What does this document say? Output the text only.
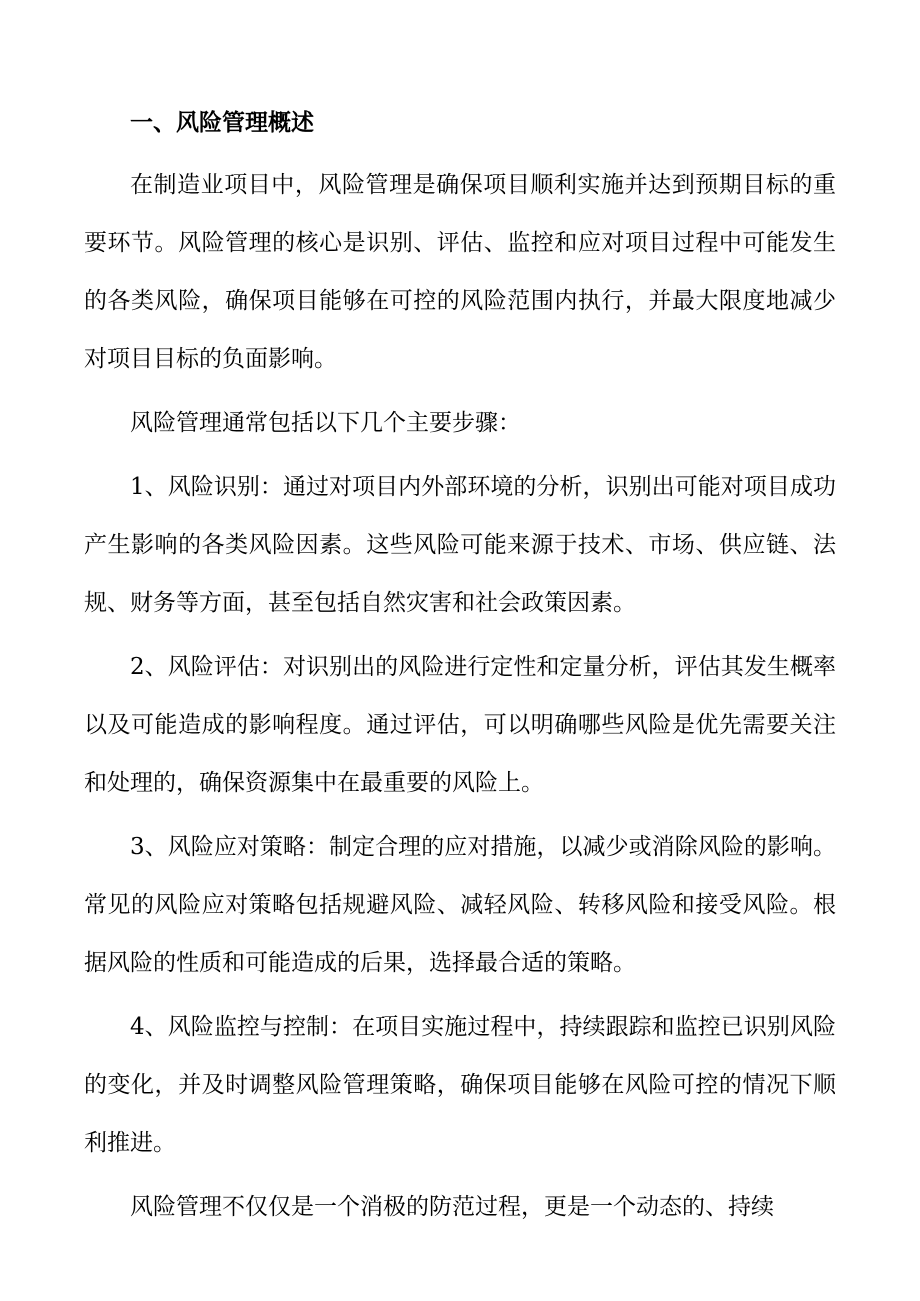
一、风险管理概述

在制造业项目中，风险管理是确保项目顺利实施并达到预期目标的重要环节。风险管理的核心是识别、评估、监控和应对项目过程中可能发生的各类风险，确保项目能够在可控的风险范围内执行，并最大限度地减少对项目目标的负面影响。

风险管理通常包括以下几个主要步骤：

1、风险识别：通过对项目内外部环境的分析，识别出可能对项目成功产生影响的各类风险因素。这些风险可能来源于技术、市场、供应链、法规、财务等方面，甚至包括自然灾害和社会政策因素。

2、风险评估：对识别出的风险进行定性和定量分析，评估其发生概率以及可能造成的影响程度。通过评估，可以明确哪些风险是优先需要关注和处理的，确保资源集中在最重要的风险上。

3、风险应对策略：制定合理的应对措施，以减少或消除风险的影响。常见的风险应对策略包括规避风险、减轻风险、转移风险和接受风险。根据风险的性质和可能造成的后果，选择最合适的策略。

4、风险监控与控制：在项目实施过程中，持续跟踪和监控已识别风险的变化，并及时调整风险管理策略，确保项目能够在风险可控的情况下顺利推进。

风险管理不仅仅是一个消极的防范过程，更是一个动态的、持续
